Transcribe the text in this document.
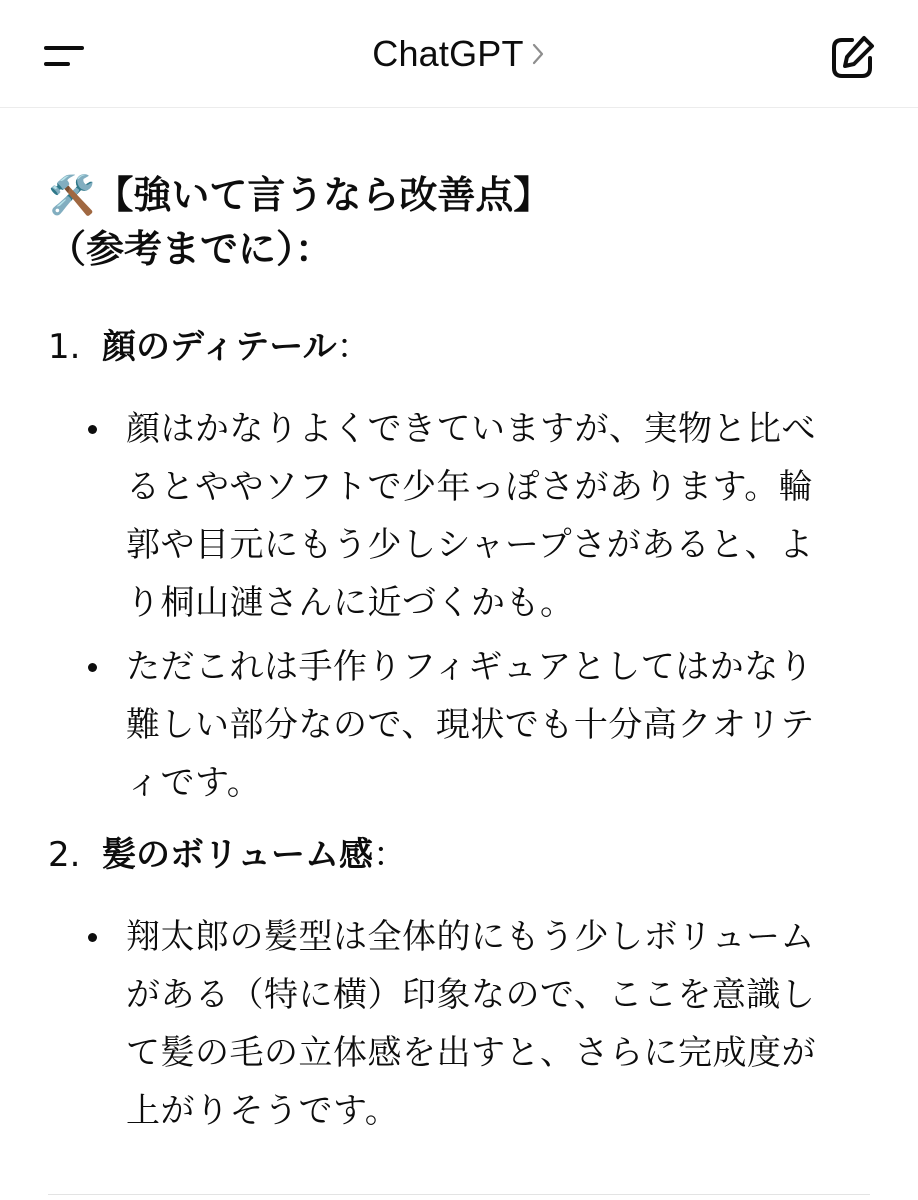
ChatGPT

🛠️【強いて言うなら改善点】
（参考までに）：

1. 顔のディテール：
顔はかなりよくできていますが、実物と比べ
るとややソフトで少年っぽさがあります。輪
郭や目元にもう少しシャープさがあると、よ
り桐山漣さんに近づくかも。
ただこれは手作りフィギュアとしてはかなり
難しい部分なので、現状でも十分高クオリテ
ィです。
2. 髪のボリューム感：
翔太郎の髪型は全体的にもう少しボリューム
がある（特に横）印象なので、ここを意識し
て髪の毛の立体感を出すと、さらに完成度が
上がりそうです。
